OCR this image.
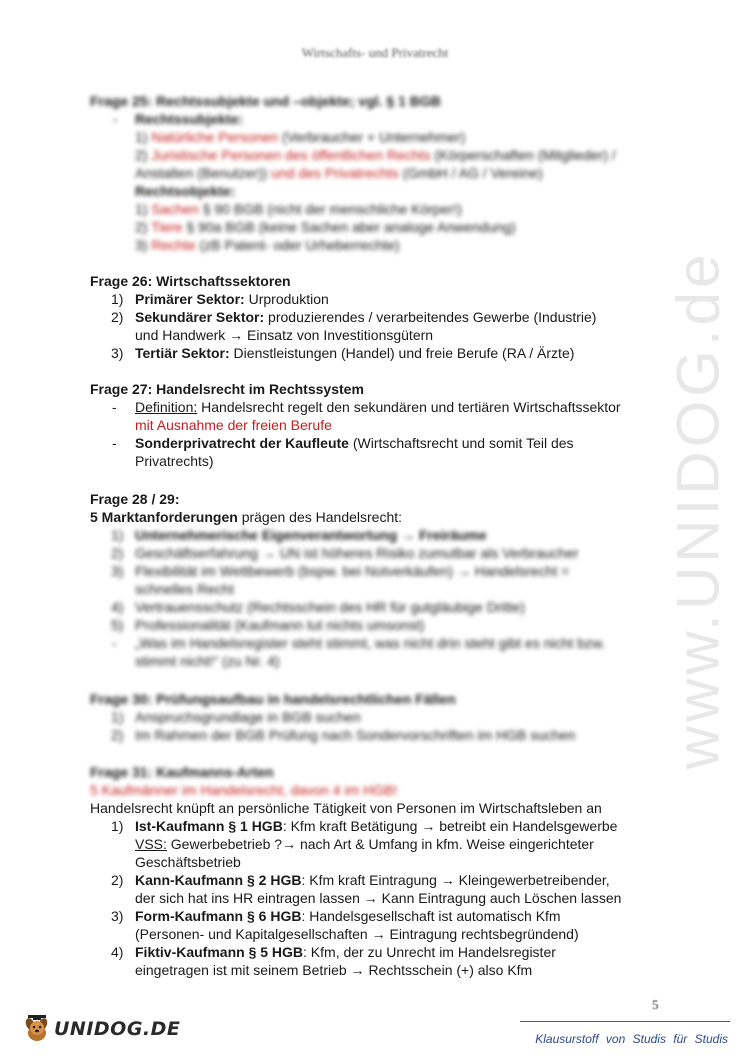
Wirtschafts- und Privatrecht
www.UNIDOG.de

Frage 25: Rechtssubjekte und –objekte; vgl. § 1 BGB

-	Rechtssubjekte:

1) Natürliche Personen (Verbraucher + Unternehmer)

2) Juristische Personen des öffentlichen Rechts (Körperschaften (Mitglieder) /

Anstalten (Benutzer)) und des Privatrechts (GmbH / AG / Vereine)

Rechtsobjekte:

1) Sachen § 90 BGB (nicht der menschliche Körper!)

2) Tiere § 90a BGB (keine Sachen aber analoge Anwendung)

3) Rechte (zB Patent- oder Urheberrechte)

Frage 26: Wirtschaftssektoren

1) Primärer Sektor: Urproduktion
2) Sekundärer Sektor: produzierendes / verarbeitendes Gewerbe (Industrie)

und Handwerk → Einsatz von Investitionsgütern

3) Tertiär Sektor: Dienstleistungen (Handel) und freie Berufe (RA / Ärzte)

Frage 27: Handelsrecht im Rechtssystem

-	Definition: Handelsrecht regelt den sekundären und tertiären Wirtschaftssektor

mit Ausnahme der freien Berufe

-	Sonderprivatrecht der Kaufleute (Wirtschaftsrecht und somit Teil des

Privatrechts)

Frage 28 / 29:

5 Marktanforderungen prägen des Handelsrecht:

1) Unternehmerische Eigenverantwortung → Freiräume
2) Geschäftserfahrung → UN ist höheres Risiko zumutbar als Verbraucher
3) Flexibilität im Wettbewerb (bspw. bei Notverkäufen) → Handelsrecht =

schnelles Recht

4) Vertrauensschutz (Rechtsschein des HR für gutgläubige Dritte)
5) Professionalität (Kaufmann tut nichts umsonst)
-	„Was im Handelsregister steht stimmt, was nicht drin steht gibt es nicht bzw.

stimmt nicht!“ (zu Nr. 4)

Frage 30: Prüfungsaufbau in handelsrechtlichen Fällen

1) Anspruchsgrundlage in BGB suchen
2) Im Rahmen der BGB Prüfung nach Sondervorschriften im HGB suchen

Frage 31: Kaufmanns-Arten

5 Kaufmänner im Handelsrecht, davon 4 im HGB!

Handelsrecht knüpft an persönliche Tätigkeit von Personen im Wirtschaftsleben an

1) Ist-Kaufmann § 1 HGB: Kfm kraft Betätigung → betreibt ein Handelsgewerbe

VSS: Gewerbebetrieb ?→ nach Art & Umfang in kfm. Weise eingerichteter

Geschäftsbetrieb

2) Kann-Kaufmann § 2 HGB: Kfm kraft Eintragung → Kleingewerbetreibender,

der sich hat ins HR eintragen lassen → Kann Eintragung auch Löschen lassen

3) Form-Kaufmann § 6 HGB: Handelsgesellschaft ist automatisch Kfm

(Personen- und Kapitalgesellschaften → Eintragung rechtsbegründend)

4) Fiktiv-Kaufmann § 5 HGB: Kfm, der zu Unrecht im Handelsregister

eingetragen ist mit seinem Betrieb → Rechtsschein (+) also Kfm

5
UNIDOG.DE	Klausurstoff von Studis für Studis
